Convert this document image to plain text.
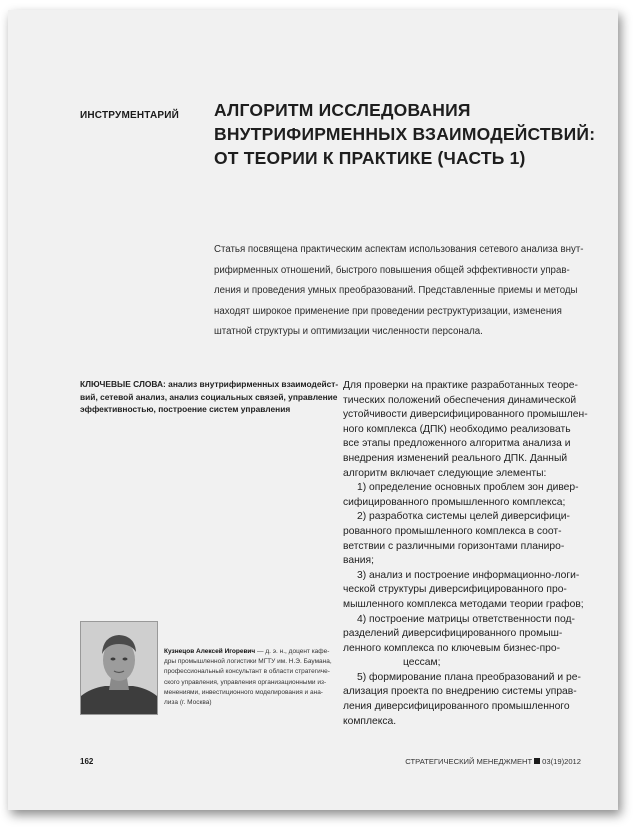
ИНСТРУМЕНТАРИЙ АЛГОРИТМ ИССЛЕДОВАНИЯ
ВНУТРИФИРМЕННЫХ ВЗАИМОДЕЙСТВИЙ:
ОТ ТЕОРИИ К ПРАКТИКЕ (ЧАСТЬ 1)
Статья посвящена практическим аспектам использования сетевого анализа внут-
рифирменных отношений, быстрого повышения общей эффективности управ-
ления и проведения умных преобразований. Представленные приемы и методы
находят широкое применение при проведении реструктуризации, изменения
штатной структуры и оптимизации численности персонала.
КЛЮЧЕВЫЕ СЛОВА: анализ внутрифирменных взаимодейст-
вий, сетевой анализ, анализ социальных связей, управление
эффективностью, построение систем управления
Для проверки на практике разработанных теоре-
тических положений обеспечения динамической
устойчивости диверсифицированного промышлен-
ного комплекса (ДПК) необходимо реализовать
все этапы предложенного алгоритма анализа и
внедрения изменений реального ДПК. Данный
алгоритм включает следующие элементы:
1) определение основных проблем зон дивер-
сифицированного промышленного комплекса;
2) разработка системы целей диверсифици-
рованного промышленного комплекса в соот-
ветствии с различными горизонтами планиро-
вания;
3) анализ и построение информационно-логи-
ческой структуры диверсифицированного про-
мышленного комплекса методами теории графов;
4) построение матрицы ответственности под-
разделений диверсифицированного промыш-
ленного комплекса по ключевым бизнес-про-
цессам;
5) формирование плана преобразований и ре-
ализация проекта по внедрению системы управ-
ления диверсифицированного промышленного
комплекса.
Кузнецов Алексей Игоревич — д. э. н., доцент кафе-
дры промышленной логистики МГТУ им. Н.Э. Баумана,
профессиональный консультант в области стратегиче-
ского управления, управления организационными из-
менениями, инвестиционного моделирования и ана-
лиза (г. Москва)
162	СТРАТЕГИЧЕСКИЙ МЕНЕДЖМЕНТ 03(19)2012
